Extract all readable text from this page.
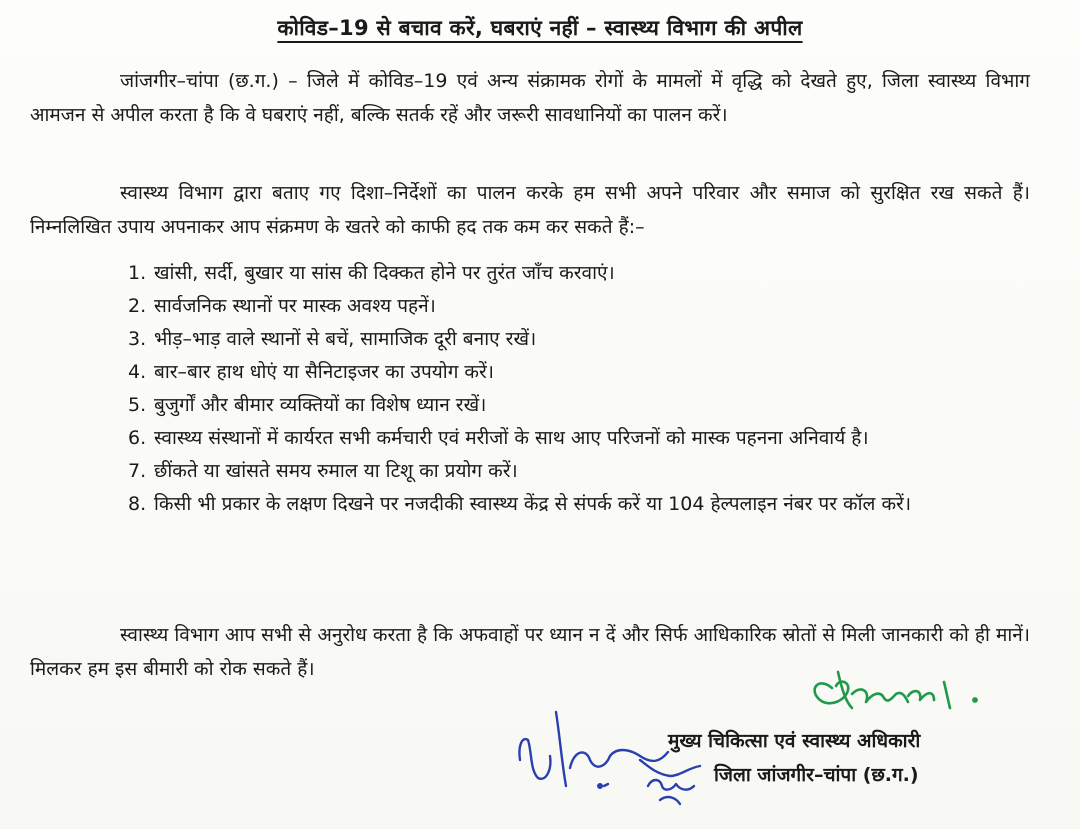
कोविड–19 से बचाव करें, घबराएं नहीं – स्वास्थ्य विभाग की अपील

जांजगीर–चांपा (छ.ग.) – जिले में कोविड–19 एवं अन्य संक्रामक रोगों के मामलों में वृद्धि को देखते हुए, जिला स्वास्थ्य विभाग आमजन से अपील करता है कि वे घबराएं नहीं, बल्कि सतर्क रहें और जरूरी सावधानियों का पालन करें।

स्वास्थ्य विभाग द्वारा बताए गए दिशा–निर्देशों का पालन करके हम सभी अपने परिवार और समाज को सुरक्षित रख सकते हैं। निम्नलिखित उपाय अपनाकर आप संक्रमण के खतरे को काफी हद तक कम कर सकते हैं:–

1. खांसी, सर्दी, बुखार या सांस की दिक्कत होने पर तुरंत जाँच करवाएं।
2. सार्वजनिक स्थानों पर मास्क अवश्य पहनें।
3. भीड़–भाड़ वाले स्थानों से बचें, सामाजिक दूरी बनाए रखें।
4. बार–बार हाथ धोएं या सैनिटाइजर का उपयोग करें।
5. बुजुर्गों और बीमार व्यक्तियों का विशेष ध्यान रखें।
6. स्वास्थ्य संस्थानों में कार्यरत सभी कर्मचारी एवं मरीजों के साथ आए परिजनों को मास्क पहनना अनिवार्य है।
7. छींकते या खांसते समय रुमाल या टिशू का प्रयोग करें।
8. किसी भी प्रकार के लक्षण दिखने पर नजदीकी स्वास्थ्य केंद्र से संपर्क करें या 104 हेल्पलाइन नंबर पर कॉल करें।

स्वास्थ्य विभाग आप सभी से अनुरोध करता है कि अफवाहों पर ध्यान न दें और सिर्फ आधिकारिक स्रोतों से मिली जानकारी को ही मानें। मिलकर हम इस बीमारी को रोक सकते हैं।

मुख्य चिकित्सा एवं स्वास्थ्य अधिकारी
जिला जांजगीर–चांपा (छ.ग.)
